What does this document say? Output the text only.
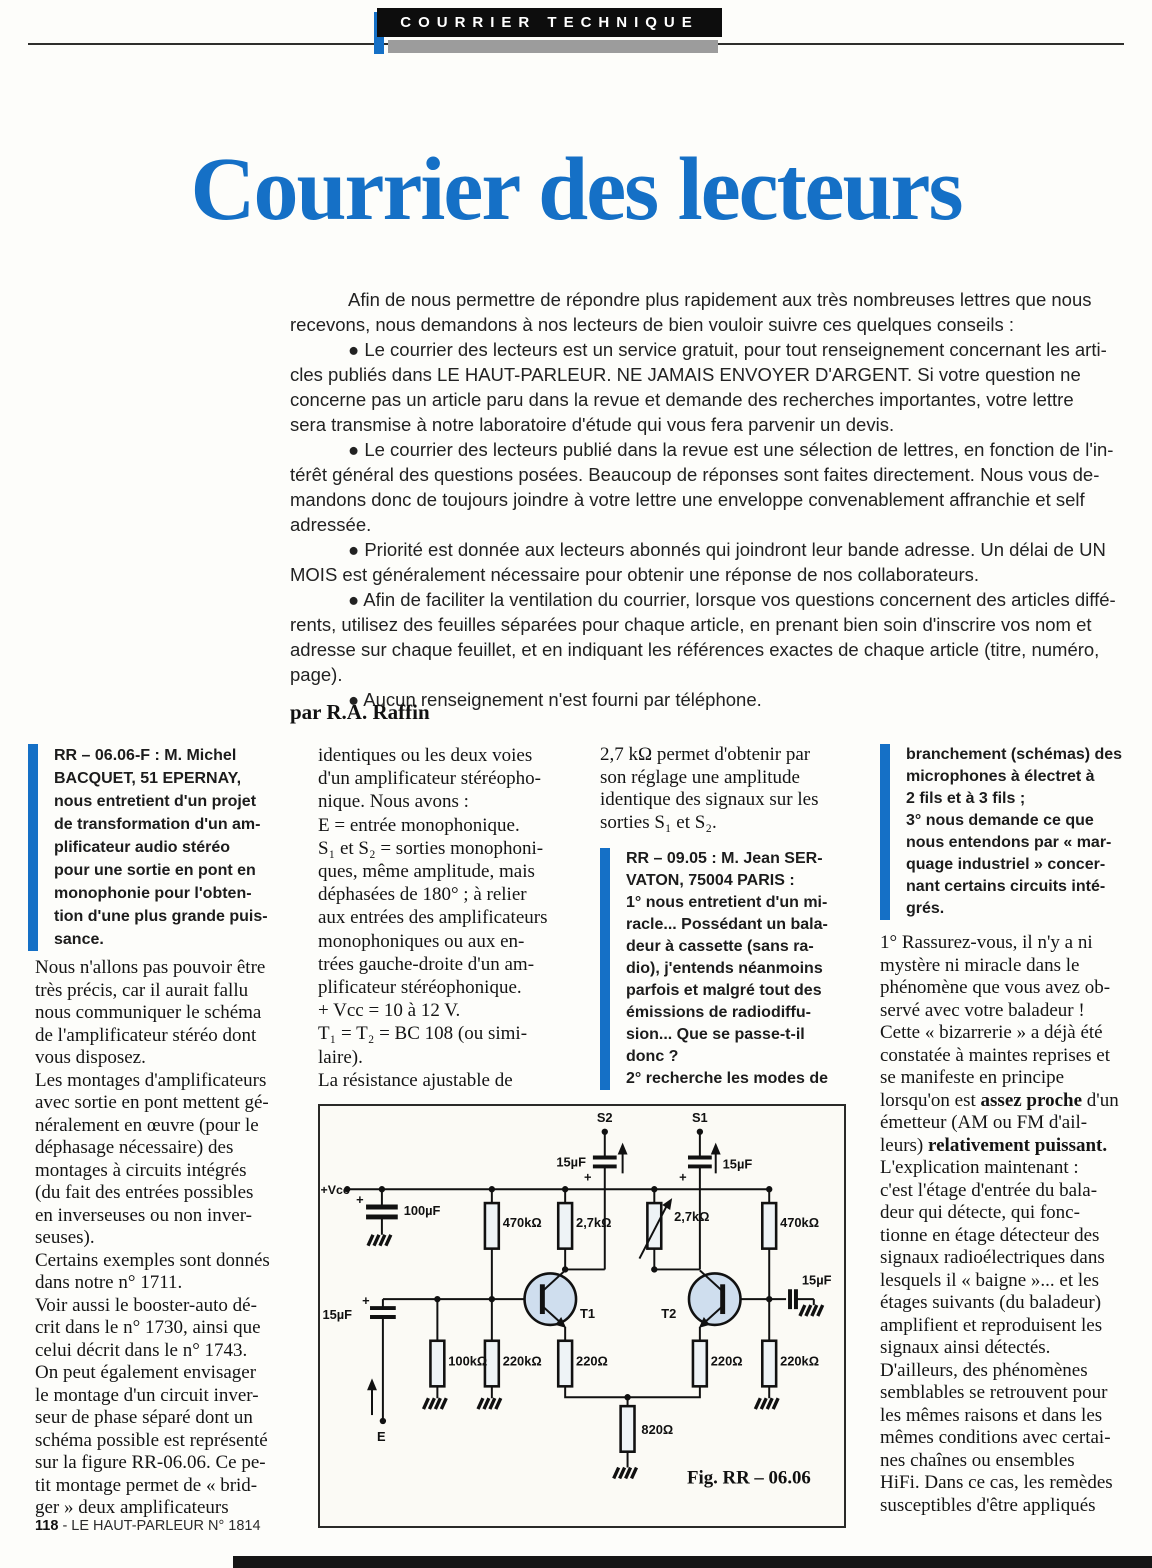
COURRIER TECHNIQUE
Courrier des lecteurs
Afin de nous permettre de répondre plus rapidement aux très nombreuses lettres que nous
recevons, nous demandons à nos lecteurs de bien vouloir suivre ces quelques conseils :
● Le courrier des lecteurs est un service gratuit, pour tout renseignement concernant les arti-
cles publiés dans LE HAUT-PARLEUR. NE JAMAIS ENVOYER D'ARGENT. Si votre question ne
concerne pas un article paru dans la revue et demande des recherches importantes, votre lettre
sera transmise à notre laboratoire d'étude qui vous fera parvenir un devis.
● Le courrier des lecteurs publié dans la revue est une sélection de lettres, en fonction de l'in-
térêt général des questions posées. Beaucoup de réponses sont faites directement. Nous vous de-
mandons donc de toujours joindre à votre lettre une enveloppe convenablement affranchie et self
adressée.
● Priorité est donnée aux lecteurs abonnés qui joindront leur bande adresse. Un délai de UN
MOIS est généralement nécessaire pour obtenir une réponse de nos collaborateurs.
● Afin de faciliter la ventilation du courrier, lorsque vos questions concernent des articles diffé-
rents, utilisez des feuilles séparées pour chaque article, en prenant bien soin d'inscrire vos nom et
adresse sur chaque feuillet, et en indiquant les références exactes de chaque article (titre, numéro,
page).
● Aucun renseignement n'est fourni par téléphone.
par R.A. Raffin
RR – 06.06-F : M. Michel
BACQUET, 51 EPERNAY,
nous entretient d'un projet
de transformation d'un am-
plificateur audio stéréo
pour une sortie en pont en
monophonie pour l'obten-
tion d'une plus grande puis-
sance.
Nous n'allons pas pouvoir être
très précis, car il aurait fallu
nous communiquer le schéma
de l'amplificateur stéréo dont
vous disposez.
Les montages d'amplificateurs
avec sortie en pont mettent gé-
néralement en œuvre (pour le
déphasage nécessaire) des
montages à circuits intégrés
(du fait des entrées possibles
en inverseuses ou non inver-
seuses).
Certains exemples sont donnés
dans notre n° 1711.
Voir aussi le booster-auto dé-
crit dans le n° 1730, ainsi que
celui décrit dans le n° 1743.
On peut également envisager
le montage d'un circuit inver-
seur de phase séparé dont un
schéma possible est représenté
sur la figure RR-06.06. Ce pe-
tit montage permet de « brid-
ger » deux amplificateurs
identiques ou les deux voies
d'un amplificateur stéréopho-
nique. Nous avons :
E = entrée monophonique.
S₁ et S₂ = sorties monophoni-
ques, même amplitude, mais
déphasées de 180° ; à relier
aux entrées des amplificateurs
monophoniques ou aux en-
trées gauche-droite d'un am-
plificateur stéréophonique.
+ Vcc = 10 à 12 V.
T₁ = T₂ = BC 108 (ou simi-
laire).
La résistance ajustable de
2,7 kΩ permet d'obtenir par
son réglage une amplitude
identique des signaux sur les
sorties S₁ et S₂.
RR – 09.05 : M. Jean SER-
VATON, 75004 PARIS :
1° nous entretient d'un mi-
racle... Possédant un bala-
deur à cassette (sans ra-
dio), j'entends néanmoins
parfois et malgré tout des
émissions de radiodiffu-
sion... Que se passe-t-il
donc ?
2° recherche les modes de
branchement (schémas) des
microphones à électret à
2 fils et à 3 fils ;
3° nous demande ce que
nous entendons par « mar-
quage industriel » concer-
nant certains circuits inté-
grés.
1° Rassurez-vous, il n'y a ni
mystère ni miracle dans le
phénomène que vous avez ob-
servé avec votre baladeur !
Cette « bizarrerie » a déjà été
constatée à maintes reprises et
se manifeste en principe
lorsqu'on est assez proche d'un
émetteur (AM ou FM d'ail-
leurs) relativement puissant.
L'explication maintenant :
c'est l'étage d'entrée du bala-
deur qui détecte, qui fonc-
tionne en étage détecteur des
signaux radioélectriques dans
lesquels il « baigne »... et les
étages suivants (du baladeur)
amplifient et reproduisent les
signaux ainsi détectés.
D'ailleurs, des phénomènes
semblables se retrouvent pour
les mêmes raisons et dans les
mêmes conditions avec certai-
nes chaînes ou ensembles
HiFi. Dans ce cas, les remèdes
susceptibles d'être appliqués
+Vcc
100µF
+
S2	S1
15µF	15µF
+	+
470kΩ	2,7kΩ	2,7kΩ	470kΩ
15µF
15µF
+
T1	T2
100kΩ 220kΩ	220Ω	220Ω	220kΩ
820Ω
E
Fig. RR – 06.06
118 - LE HAUT-PARLEUR N° 1814
